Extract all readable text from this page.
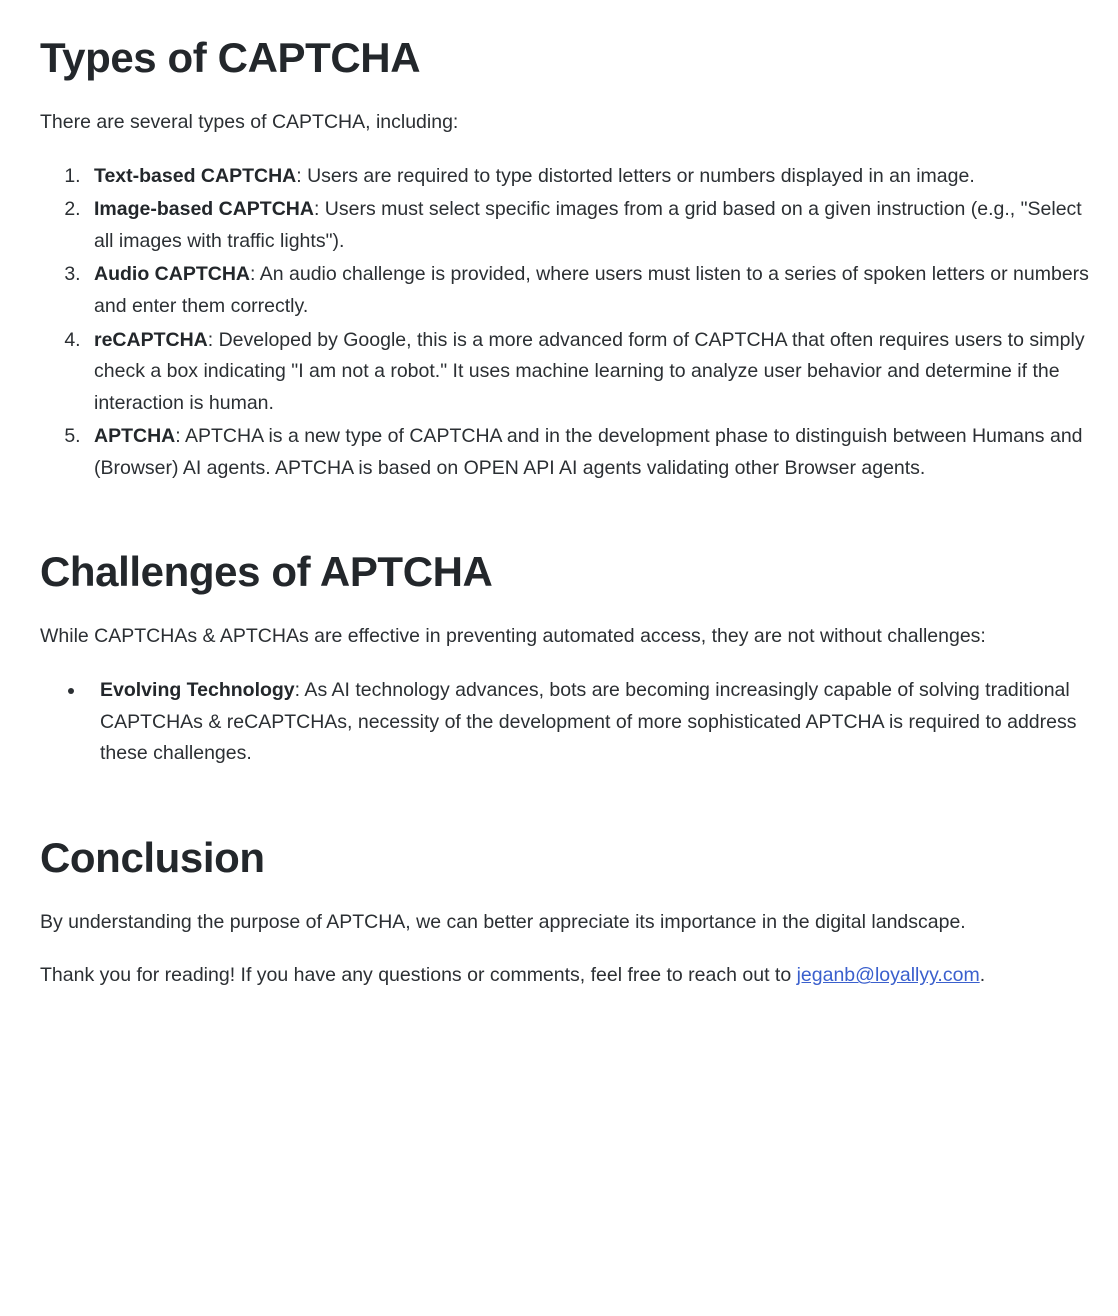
Types of CAPTCHA

There are several types of CAPTCHA, including:

1. Text-based CAPTCHA: Users are required to type distorted letters or numbers displayed in an image.
2. Image-based CAPTCHA: Users must select specific images from a grid based on a given instruction (e.g., "Select all images with traffic lights").
3. Audio CAPTCHA: An audio challenge is provided, where users must listen to a series of spoken letters or numbers and enter them correctly.
4. reCAPTCHA: Developed by Google, this is a more advanced form of CAPTCHA that often requires users to simply check a box indicating "I am not a robot." It uses machine learning to analyze user behavior and determine if the interaction is human.
5. APTCHA: APTCHA is a new type of CAPTCHA and in the development phase to distinguish between Humans and (Browser) AI agents. APTCHA is based on OPEN API AI agents validating other Browser agents.
Challenges of APTCHA

While CAPTCHAs & APTCHAs are effective in preventing automated access, they are not without challenges:

• Evolving Technology: As AI technology advances, bots are becoming increasingly capable of solving traditional CAPTCHAs & reCAPTCHAs, necessity of the development of more sophisticated APTCHA is required to address these challenges.
Conclusion

By understanding the purpose of APTCHA, we can better appreciate its importance in the digital landscape.

Thank you for reading! If you have any questions or comments, feel free to reach out to jeganb@loyallyy.com.
